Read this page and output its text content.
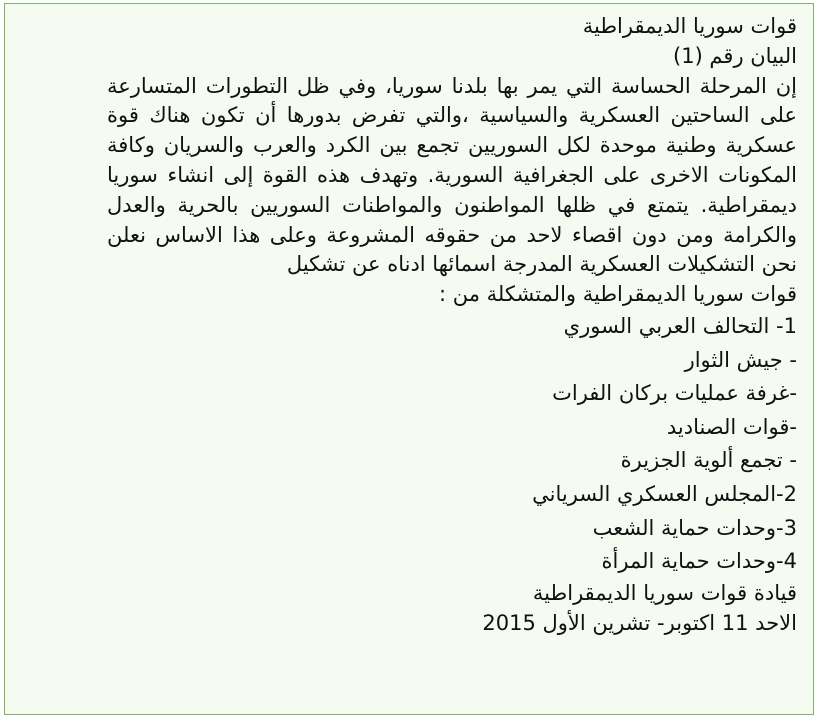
قوات سوريا الديمقراطية

البيان رقم (1)

إن المرحلة الحساسة التي يمر بها بلدنا سوريا، وفي ظل التطورات المتسارعة على الساحتين العسكرية والسياسية ،والتي تفرض بدورها أن تكون هناك قوة عسكرية وطنية موحدة لكل السوريين تجمع بين الكرد والعرب والسريان وكافة المكونات الاخرى على الجغرافية السورية. وتهدف هذه القوة إلى انشاء سوريا ديمقراطية. يتمتع في ظلها المواطنون والمواطنات السوريين بالحرية والعدل والكرامة ومن دون اقصاء لاحد من حقوقه المشروعة وعلى هذا الاساس نعلن نحن التشكيلات العسكرية المدرجة اسمائها ادناه عن تشكيل

قوات سوريا الديمقراطية والمتشكلة من :

1- التحالف العربي السوري
- جيش الثوار
-غرفة عمليات بركان الفرات
-قوات الصناديد
- تجمع ألوية الجزيرة
2-المجلس العسكري السرياني
3-وحدات حماية الشعب
4-وحدات حماية المرأة

قيادة قوات سوريا الديمقراطية

الاحد 11 اكتوبر- تشرين الأول 2015
